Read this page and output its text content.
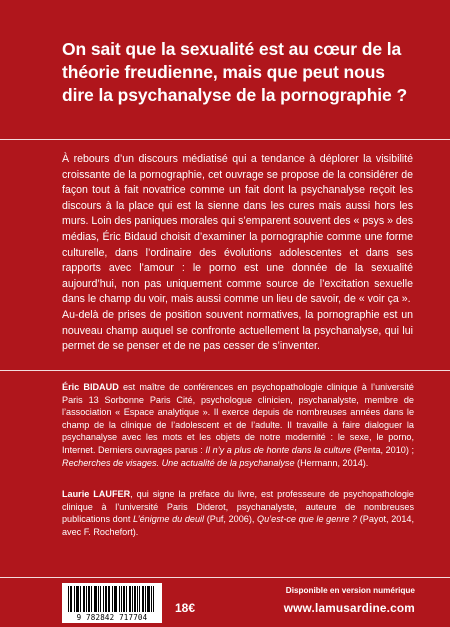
On sait que la sexualité est au cœur de la théorie freudienne, mais que peut nous dire la psychanalyse de la pornographie ?

À rebours d’un discours médiatisé qui a tendance à déplorer la visibilité croissante de la pornographie, cet ouvrage se propose de la considérer de façon tout à fait novatrice comme un fait dont la psychanalyse reçoit les discours à la place qui est la sienne dans les cures mais aussi hors les murs. Loin des paniques morales qui s’emparent souvent des « psys » des médias, Éric Bidaud choisit d’examiner la pornographie comme une forme culturelle, dans l’ordinaire des évolutions adolescentes et dans ses rapports avec l’amour : le porno est une donnée de la sexualité aujourd’hui, non pas uniquement comme source de l’excitation sexuelle dans le champ du voir, mais aussi comme un lieu de savoir, de « voir ça ».

Au-delà de prises de position souvent normatives, la pornographie est un nouveau champ auquel se confronte actuellement la psychanalyse, qui lui permet de se penser et de ne pas cesser de s’inventer.

Éric BIDAUD est maître de conférences en psychopathologie clinique à l’université Paris 13 Sorbonne Paris Cité, psychologue clinicien, psychanalyste, membre de l’association « Espace analytique ». Il exerce depuis de nombreuses années dans le champ de la clinique de l’adolescent et de l’adulte. Il travaille à faire dialoguer la psychanalyse avec les mots et les objets de notre modernité : le sexe, le porno, Internet. Derniers ouvrages parus : Il n’y a plus de honte dans la culture (Penta, 2010) ; Recherches de visages. Une actualité de la psychanalyse (Hermann, 2014).
Laurie LAUFER, qui signe la préface du livre, est professeure de psychopathologie clinique à l’université Paris Diderot, psychanalyste, auteure de nombreuses publications dont L’énigme du deuil (Puf, 2006), Qu’est-ce que le genre ? (Payot, 2014, avec F. Rochefort).
9 782842 717704
18€
Disponible en version numérique
www.lamusardine.com
